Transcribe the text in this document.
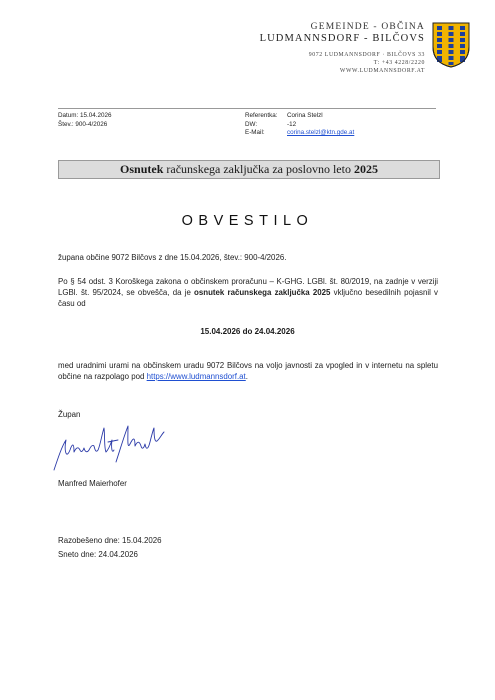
GEMEINDE - OBČINA
LUDMANNSDORF - BILČOVS
9072 LUDMANNSDORF · BILČOVS 33
T: +43 4228/2220
WWW.LUDMANNSDORF.AT
Datum: 15.04.2026
Štev.: 900-4/2026
Referentka: Corina Stelzl
DW:	-12
E-Mail:	corina.stelzl@ktn.gde.at
Osnutek računskega zaključka za poslovno leto 2025
OBVESTILO
županа občine 9072 Bilčovs z dne 15.04.2026, štev.: 900-4/2026.
Po § 54 odst. 3 Koroškega zakona o občinskem proračunu – K-GHG. LGBl. št. 80/2019, na zadnje v verziji LGBl. št. 95/2024, se obvešča, da je osnutek računskega zaključka 2025 vključno besedilnih pojasnil v času od
15.04.2026 do 24.04.2026
med uradnimi urami na občinskem uradu 9072 Bilčovs na voljo javnosti za vpogled in v internetu na spletu občine na razpolago pod https://www.ludmannsdorf.at.
Župan
Manfred Maierhofer
Razobešeno dne: 15.04.2026
Sneto dne: 24.04.2026
